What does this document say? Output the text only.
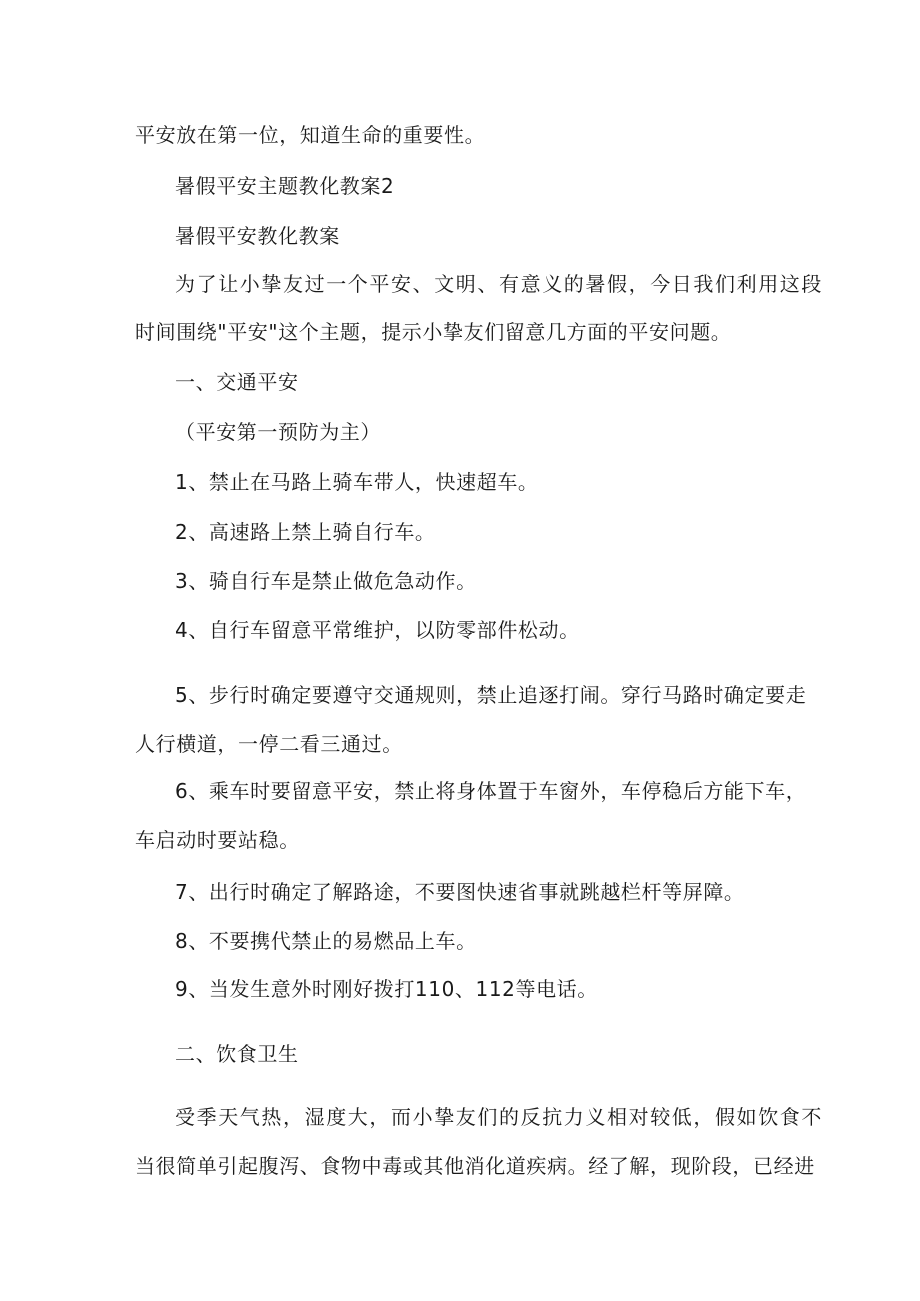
平安放在第一位，知道生命的重要性。
暑假平安主题教化教案2
暑假平安教化教案
为了让小挚友过一个平安、文明、有意义的暑假，今日我们利用这段
时间围绕"平安"这个主题，提示小挚友们留意几方面的平安问题。
一、交通平安
（平安第一预防为主）
1、禁止在马路上骑车带人，快速超车。
2、高速路上禁上骑自行车。
3、骑自行车是禁止做危急动作。
4、自行车留意平常维护，以防零部件松动。
5、步行时确定要遵守交通规则，禁止追逐打闹。穿行马路时确定要走
人行横道，一停二看三通过。
6、乘车时要留意平安，禁止将身体置于车窗外，车停稳后方能下车，
车启动时要站稳。
7、出行时确定了解路途，不要图快速省事就跳越栏杆等屏障。
8、不要携代禁止的易燃品上车。
9、当发生意外时刚好拨打110、112等电话。
二、饮食卫生
受季天气热，湿度大，而小挚友们的反抗力义相对较低，假如饮食不
当很简单引起腹泻、食物中毒或其他消化道疾病。经了解，现阶段，已经进
